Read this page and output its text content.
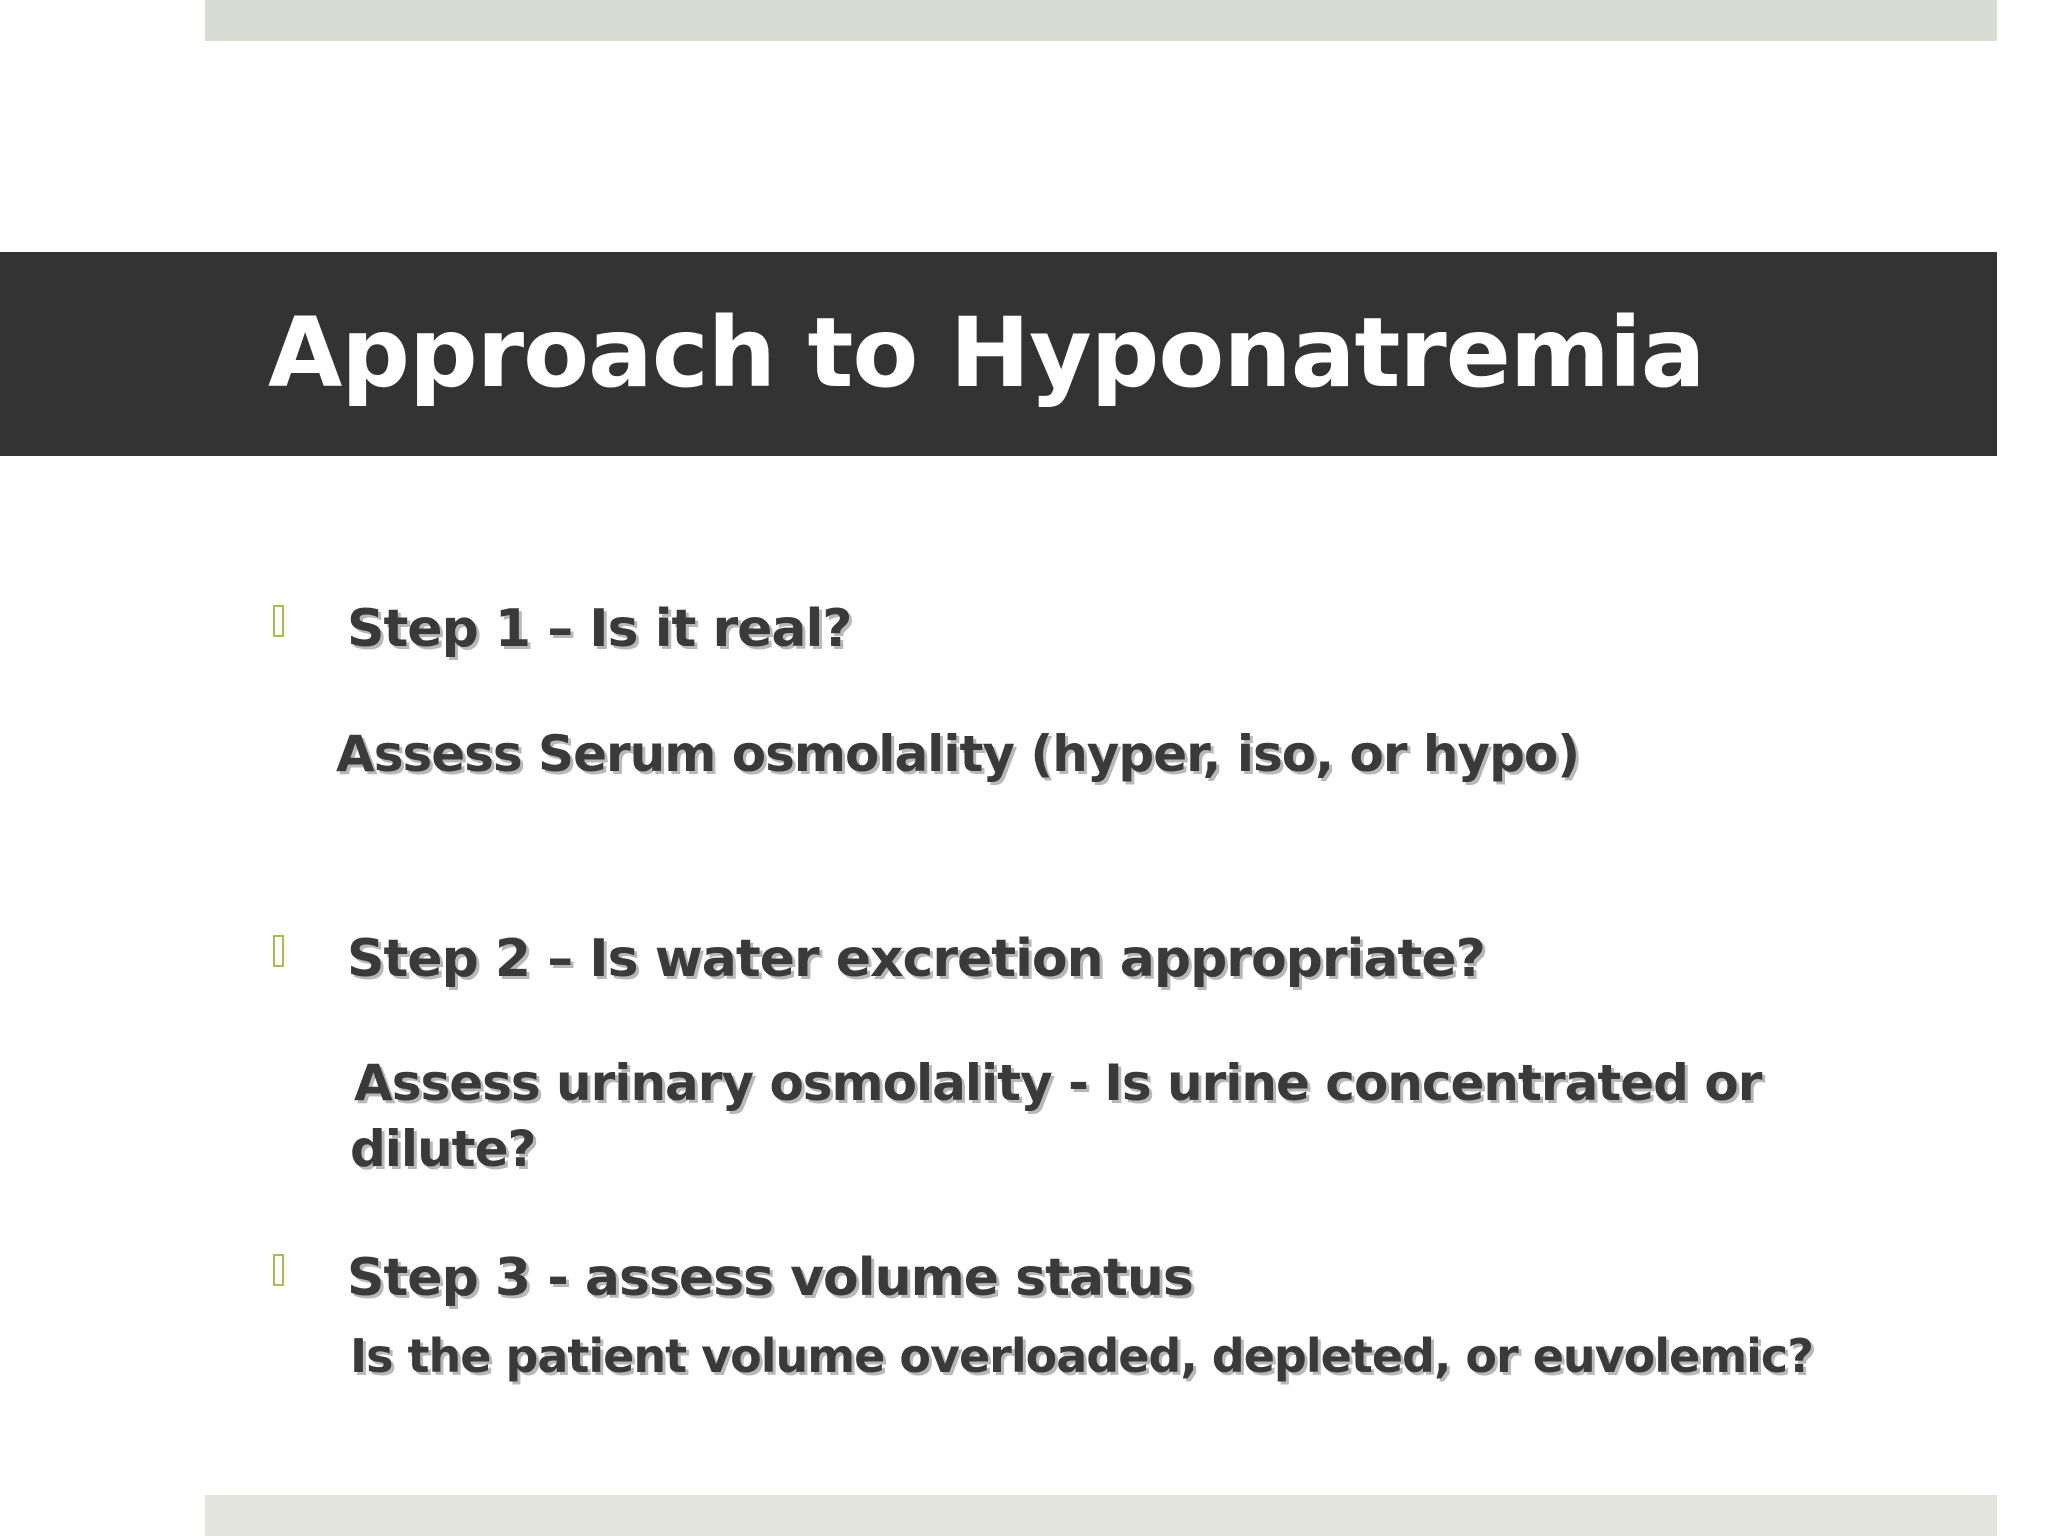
Approach to Hyponatremia

Step 1 – Is it real?

Assess Serum osmolality (hyper, iso, or hypo)

Step 2 – Is water excretion appropriate?

Assess urinary osmolality - Is urine concentrated or dilute?

Step 3 - assess volume status

Is the patient volume overloaded, depleted, or euvolemic?
